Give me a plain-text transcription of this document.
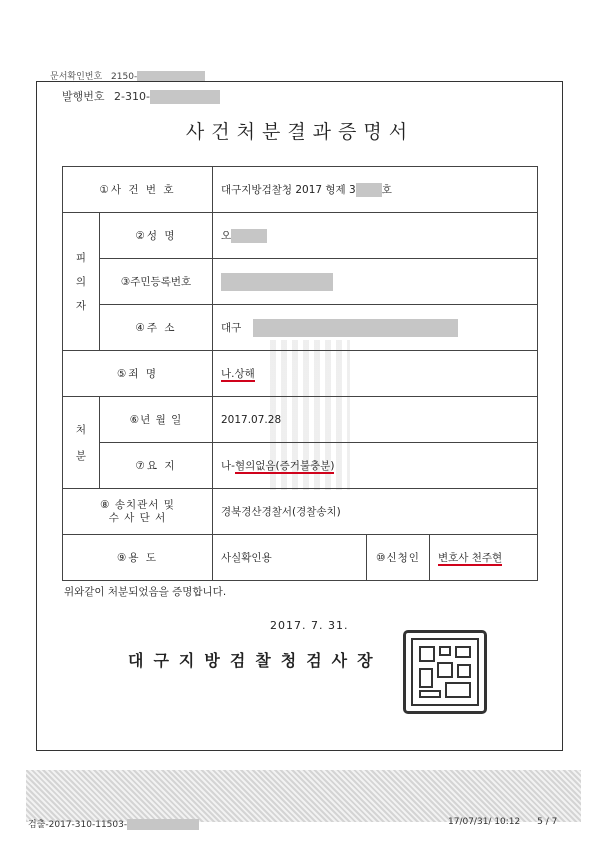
문서확인번호 2150-
발행번호 2-310-
사건처분결과증명서
①사 건 번 호		대구지방검찰청 2017 형제 3 호		
피의자	②성 명	오		
	③주민등록번호			
	④주 소	대구		
⑤죄 명		나.상해		
처분	⑥년 월 일	2017.07.28		
	⑦요 지	나-혐의없음(증거불충분)		
⑧ 송치관서 및
수 사 단 서		경북경산경찰서(경찰송치)		
⑨용 도		사실확인용	⑩신청인	변호사 천주현
위와같이 처분되었음을 증명합니다.
2017. 7. 31.
대구지방검찰청검사장
검출-2017-310-11503-	17/07/31/ 10:12 5 / 7
